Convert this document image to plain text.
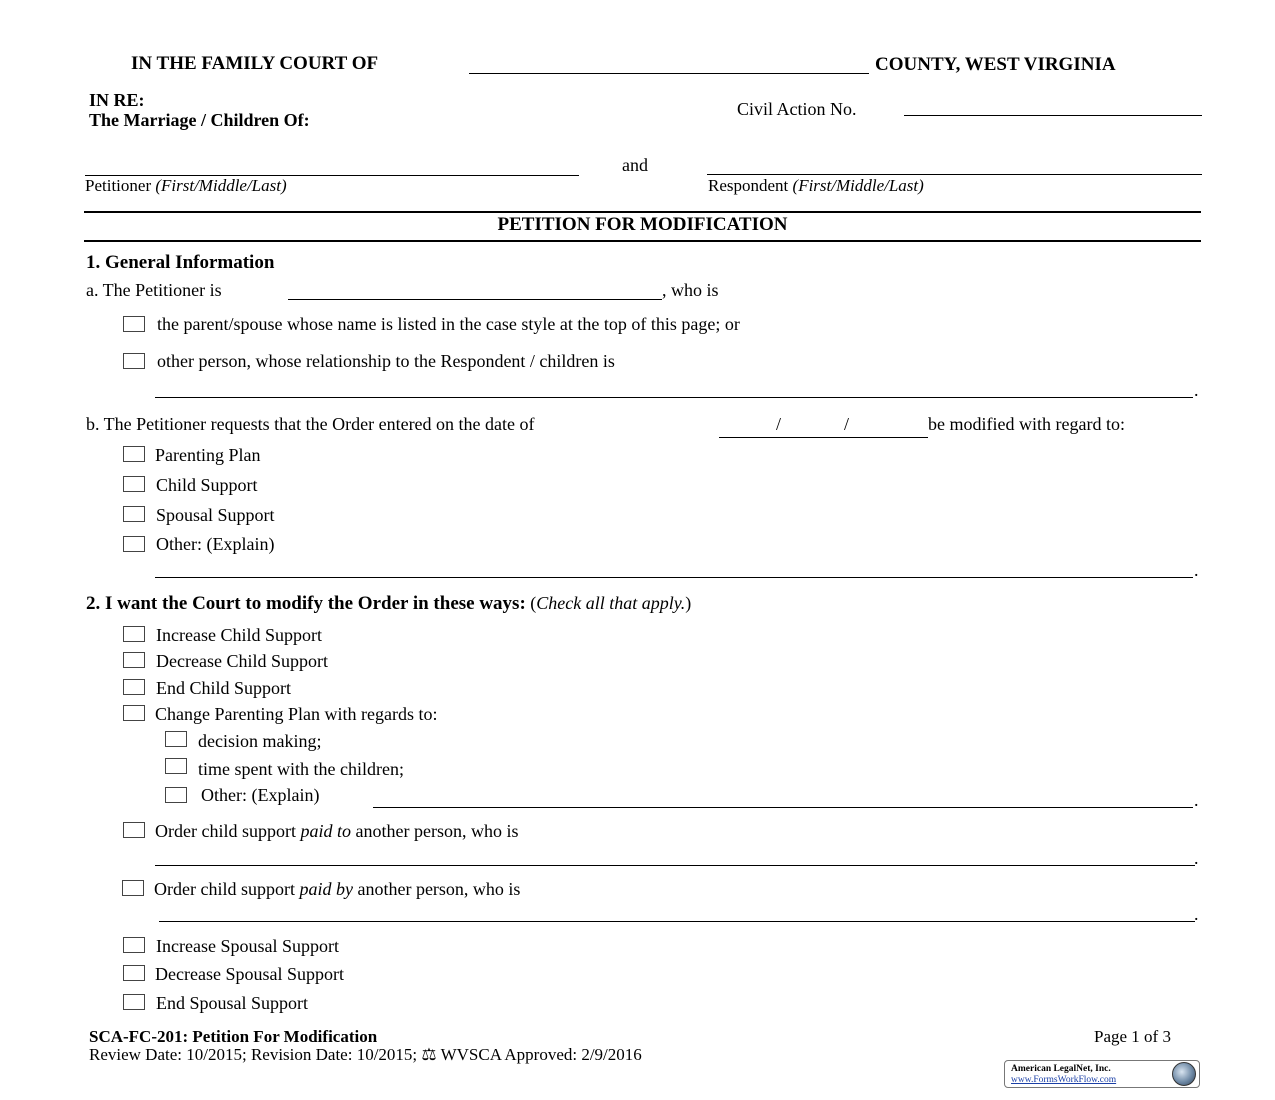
IN THE FAMILY COURT OF	COUNTY, WEST VIRGINIA
IN RE:
The Marriage / Children Of:
Civil Action No.
and
Petitioner (First/Middle/Last)	Respondent (First/Middle/Last)
PETITION FOR MODIFICATION
1. General Information
a. The Petitioner is	, who is
the parent/spouse whose name is listed in the case style at the top of this page; or
other person, whose relationship to the Respondent / children is
.
b. The Petitioner requests that the Order entered on the date of	/	/	be modified with regard to:
Parenting Plan
Child Support
Spousal Support
Other: (Explain)
.
2. I want the Court to modify the Order in these ways: (Check all that apply.)
Increase Child Support
Decrease Child Support
End Child Support
Change Parenting Plan with regards to:
decision making;
time spent with the children;
Other: (Explain)	.
Order child support paid to another person, who is
.
Order child support paid by another person, who is
.
Increase Spousal Support
Decrease Spousal Support
End Spousal Support
SCA-FC-201: Petition For Modification
Review Date: 10/2015; Revision Date: 10/2015; ⚖ WVSCA Approved: 2/9/2016
Page 1 of 3
American LegalNet, Inc.
www.FormsWorkFlow.com
